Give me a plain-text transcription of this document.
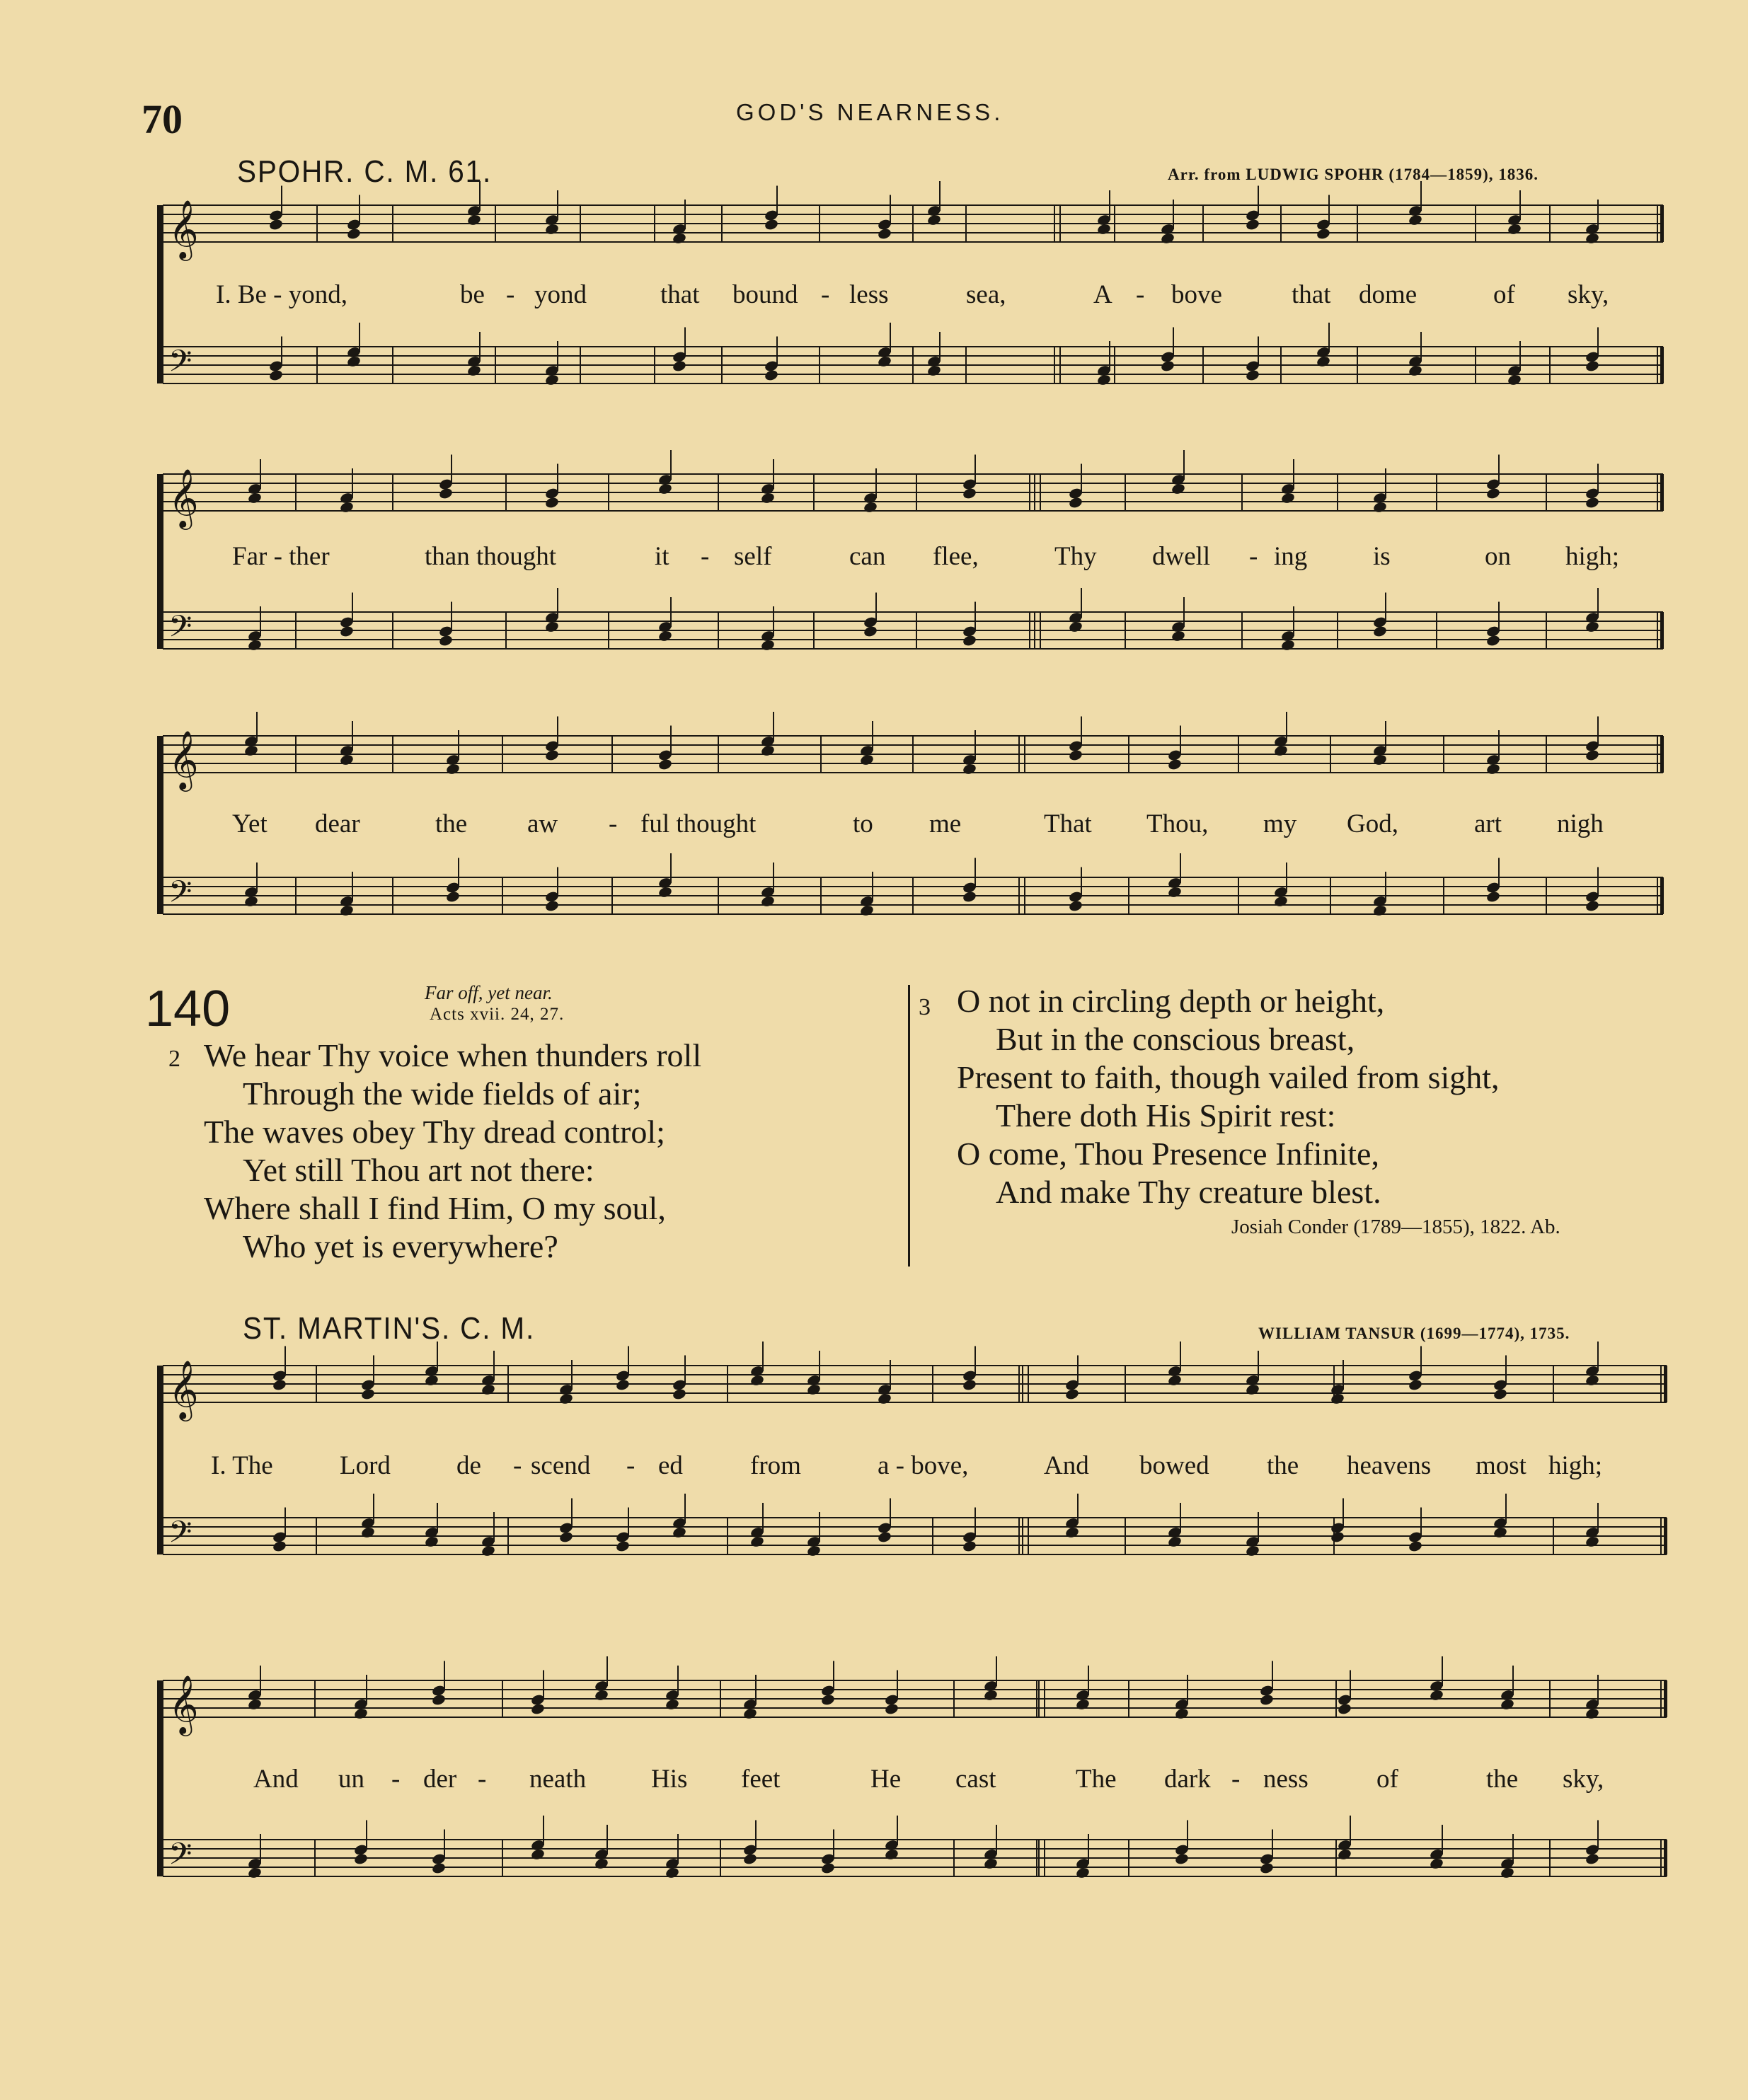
70	GOD'S NEARNESS.
SPOHR. C. M. 61.	Arr. from LUDWIG SPOHR (1784—1859), 1836.
𝄞
𝄢
𝄞
𝄢
𝄞
𝄢
𝄞
𝄢
𝄞
𝄢
I. Be - yond,	be - yond	that bound - less	sea,	A - bove	that dome	of sky,
Far - ther	than thought	it - self	can flee,	Thy dwell - ing	is	on high;
Yet dear	the aw - ful thought	to me	That Thou, my God,	art nigh
140	Far off, yet near.
Acts xvii. 24, 27.
2 We hear Thy voice when thunders roll
Through the wide fields of air;
The waves obey Thy dread control;
Yet still Thou art not there:
Where shall I find Him, O my soul,
Who yet is everywhere?
3 O not in circling depth or height,
But in the conscious breast,
Present to faith, though vailed from sight,
There doth His Spirit rest:
O come, Thou Presence Infinite,
And make Thy creature blest.
Josiah Conder (1789—1855), 1822. Ab.
ST. MARTIN'S. C. M.	WILLIAM TANSUR (1699—1774), 1735.
I. The	Lord	de - scend - ed	from	a - bove,	And bowed the heavens most high;
And un - der - neath His feet	He cast	The dark - ness	of	the sky,
